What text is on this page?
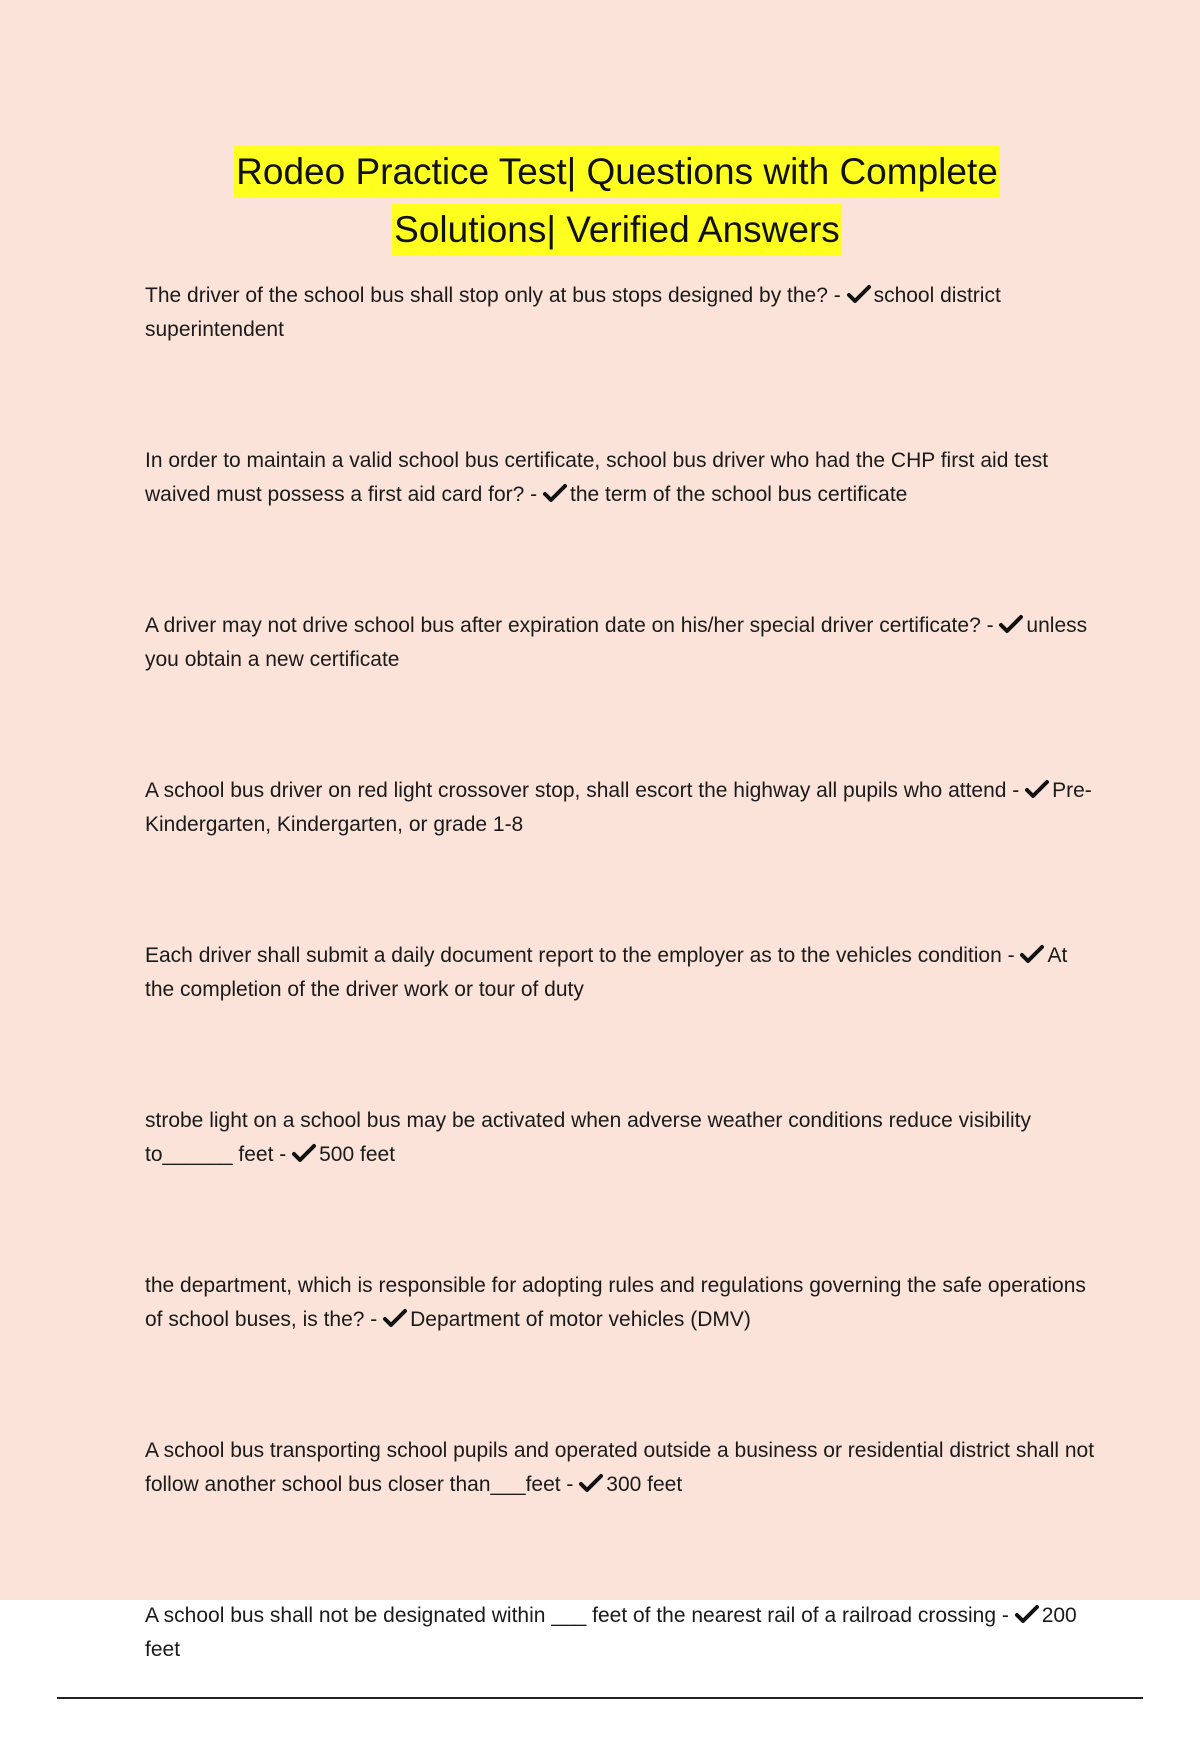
Rodeo Practice Test| Questions with Complete
Solutions| Verified Answers

The driver of the school bus shall stop only at bus stops designed by the? -
school district superintendent

In order to maintain a valid school bus certificate, school bus driver who had the CHP first aid test waived must possess a first aid card for? -
the term of the school bus certificate

A driver may not drive school bus after expiration date on his/her special driver certificate? -
unless you obtain a new certificate

A school bus driver on red light crossover stop, shall escort the highway all pupils who attend -
Pre-Kindergarten, Kindergarten, or grade 1-8

Each driver shall submit a daily document report to the employer as to the vehicles condition -
At the completion of the driver work or tour of duty

strobe light on a school bus may be activated when adverse weather conditions reduce visibility to______ feet -
500 feet

the department, which is responsible for adopting rules and regulations governing the safe operations of school buses, is the? -
Department of motor vehicles (DMV)

A school bus transporting school pupils and operated outside a business or residential district shall not follow another school bus closer than___feet -
300 feet

A school bus shall not be designated within ___ feet of the nearest rail of a railroad crossing -
200 feet
